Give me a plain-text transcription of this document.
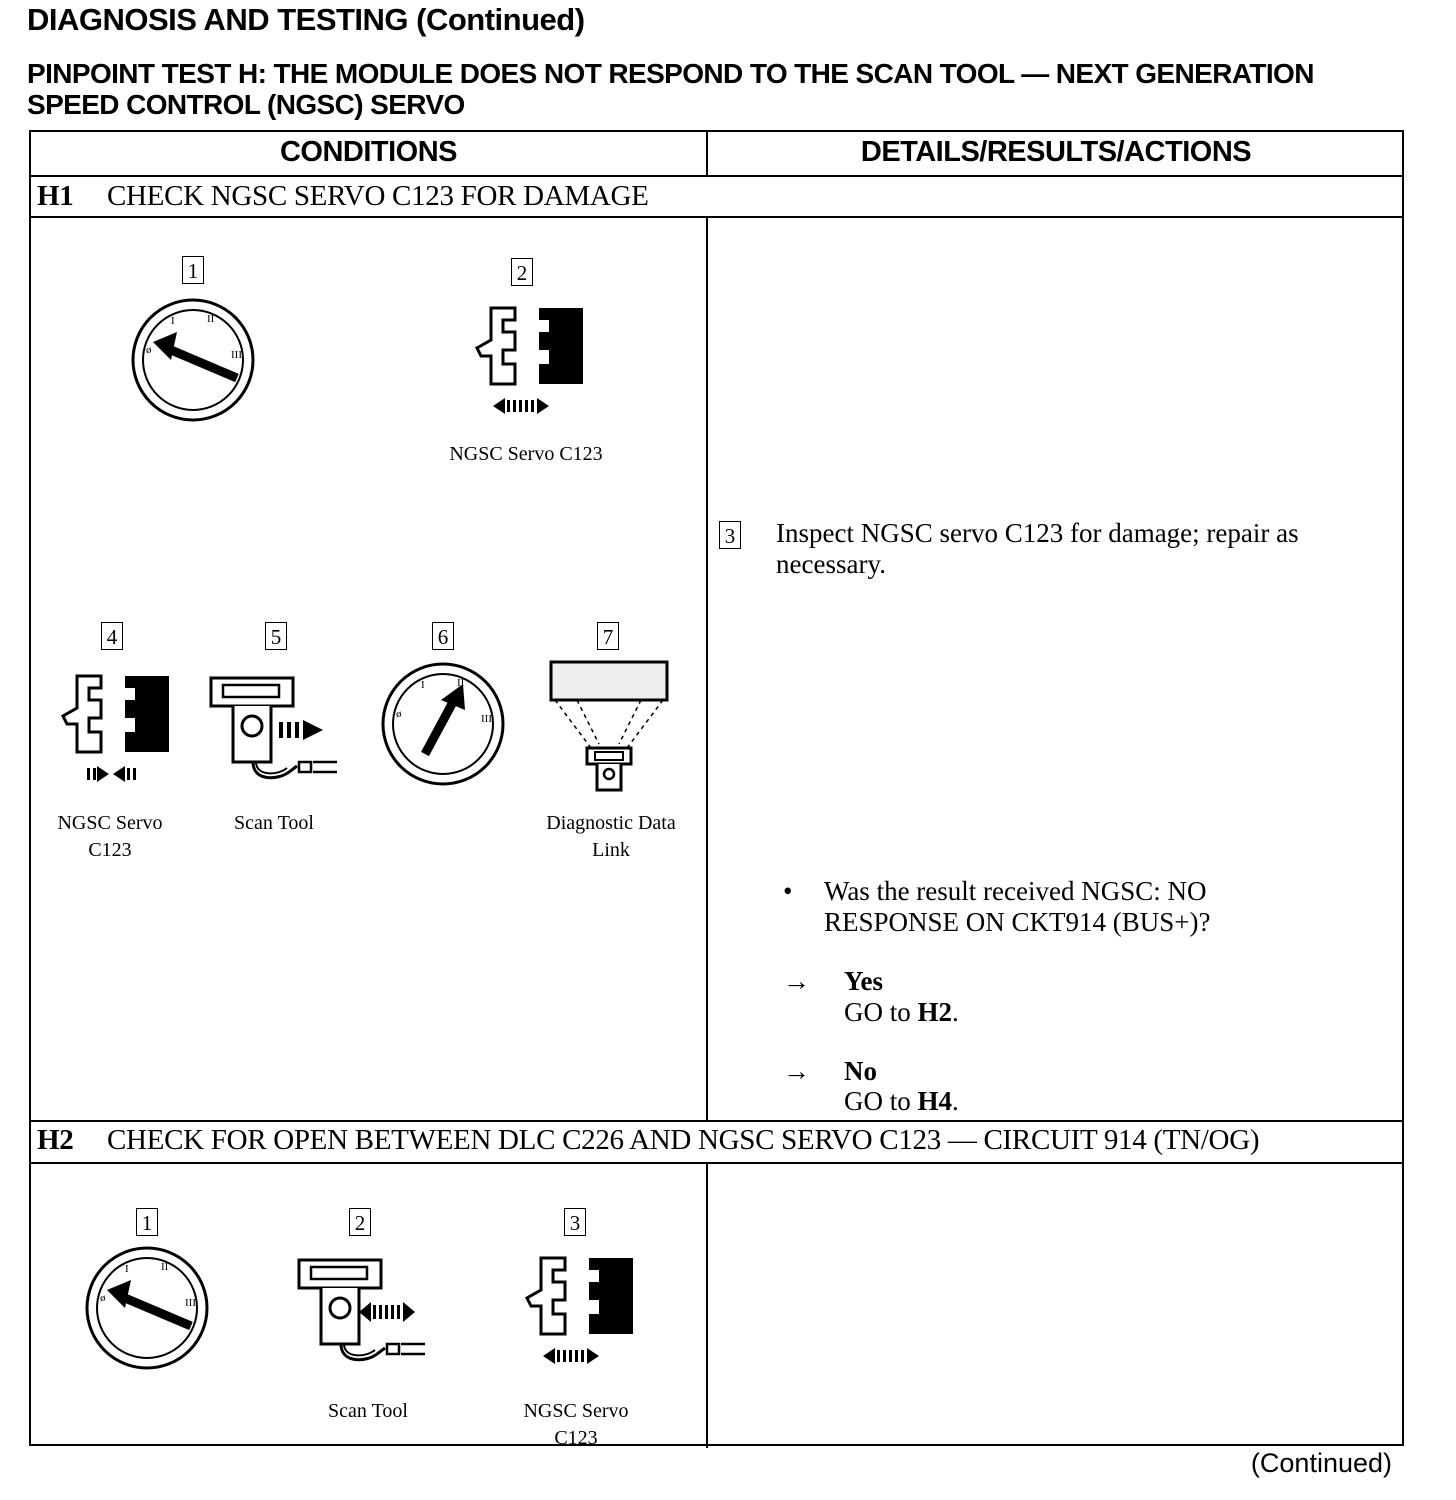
DIAGNOSIS AND TESTING (Continued)
PINPOINT TEST H: THE MODULE DOES NOT RESPOND TO THE SCAN TOOL — NEXT GENERATION SPEED CONTROL (NGSC) SERVO
CONDITIONS	DETAILS/RESULTS/ACTIONS
H1 CHECK NGSC SERVO C123 FOR DAMAGE
1	2
NGSC Servo C123
4
NGSC Servo
C123
5
Scan Tool
6	7
Diagnostic Data
Link
3 Inspect NGSC servo C123 for damage; repair as necessary.
• Was the result received NGSC: NO RESPONSE ON CKT914 (BUS+)?
→ Yes
GO to H2.
→ No
GO to H4.
H2 CHECK FOR OPEN BETWEEN DLC C226 AND NGSC SERVO C123 — CIRCUIT 914 (TN/OG)
1	2
Scan Tool
3
NGSC Servo
C123
(Continued)
